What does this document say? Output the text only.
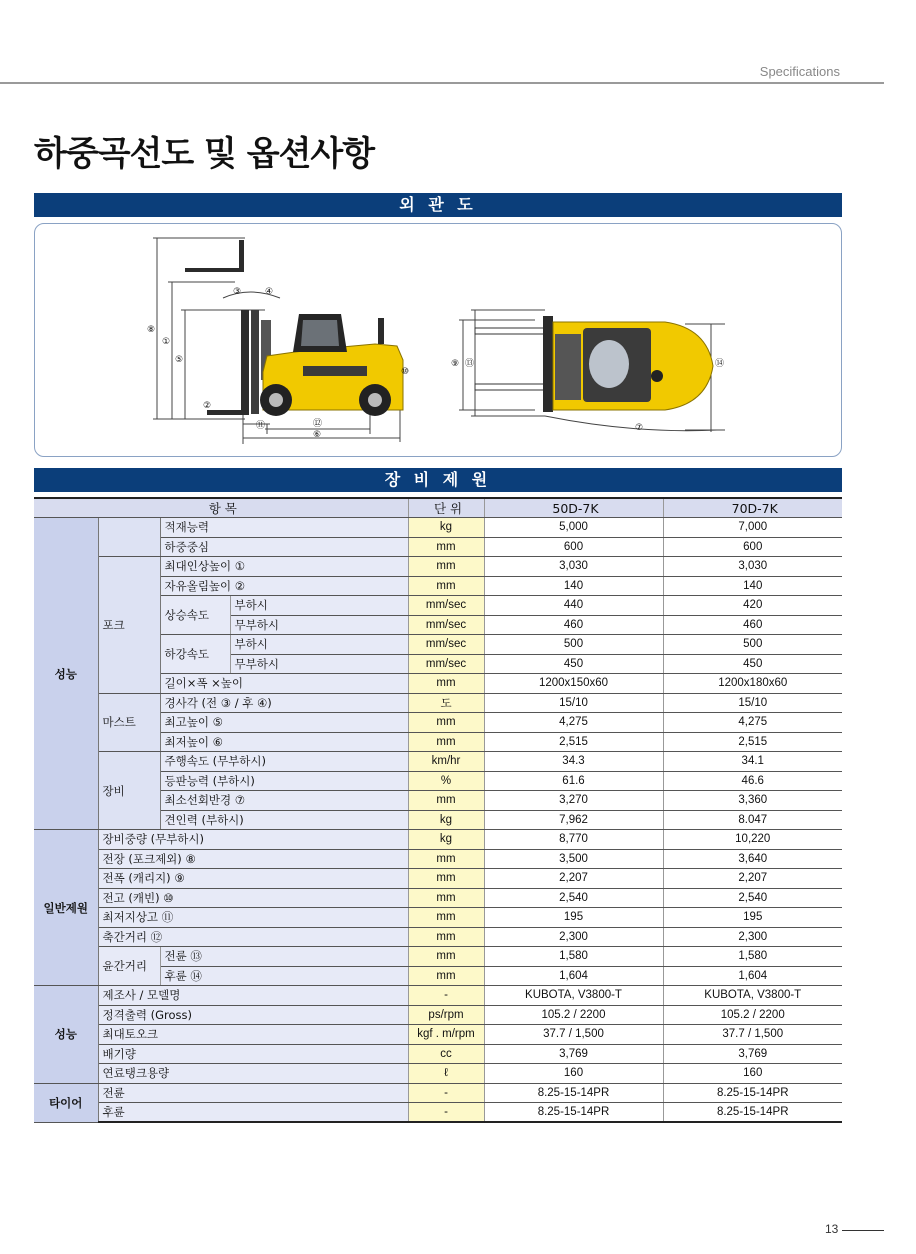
Specifications
하중곡선도 및 옵션사항
외 관 도
⑧
①
⑤
③	④
②
⑩
⑪	⑫
⑥
⑨ ⑬	⑭
⑦
장 비 제 원
항 목				단 위	50D-7K	70D-7K
성능		적재능력		kg	5,000	7,000
		하중중심		mm	600	600
	포크	최대인상높이 ①		mm	3,030	3,030
		자유올림높이 ②		mm	140	140
		상승속도	부하시	mm/sec	440	420
			무부하시	mm/sec	460	460
		하강속도	부하시	mm/sec	500	500
			무부하시	mm/sec	450	450
		길이×폭 ×높이		mm	1200x150x60	1200x180x60
	마스트	경사각 (전 ③ / 후 ④)		도	15/10	15/10
		최고높이 ⑤		mm	4,275	4,275
		최저높이 ⑥		mm	2,515	2,515
	장비	주행속도 (무부하시)		km/hr	34.3	34.1
		등판능력 (부하시)		%	61.6	46.6
		최소선회반경 ⑦		mm	3,270	3,360
		견인력 (부하시)		kg	7,962	8.047
일반제원	장비중량 (무부하시)			kg	8,770	10,220
	전장 (포크제외) ⑧			mm	3,500	3,640
	전폭 (캐리지) ⑨			mm	2,207	2,207
	전고 (캐빈) ⑩			mm	2,540	2,540
	최저지상고 ⑪			mm	195	195
	축간거리 ⑫			mm	2,300	2,300
	윤간거리	전륜 ⑬		mm	1,580	1,580
		후륜 ⑭		mm	1,604	1,604
성능	제조사 / 모델명			-	KUBOTA, V3800-T	KUBOTA, V3800-T
	정격출력 (Gross)			ps/rpm	105.2 / 2200	105.2 / 2200
	최대토오크			kgf . m/rpm	37.7 / 1,500	37.7 / 1,500
	배기량			cc	3,769	3,769
	연료탱크용량			ℓ	160	160
타이어	전륜			-	8.25-15-14PR	8.25-15-14PR
	후륜			-	8.25-15-14PR	8.25-15-14PR
13
